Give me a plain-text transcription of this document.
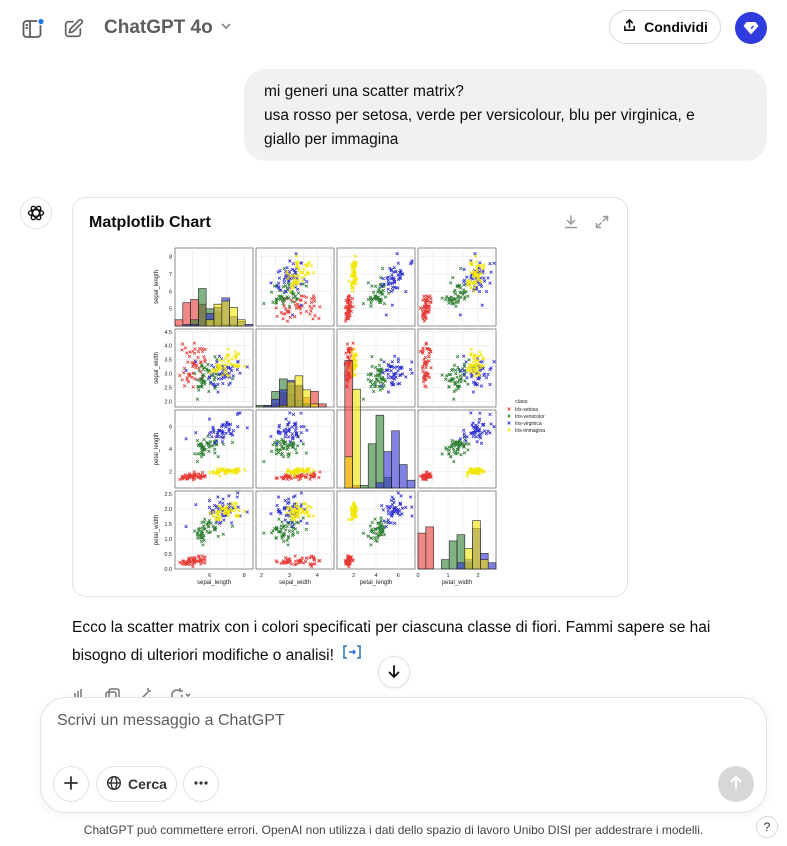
ChatGPT 4o	Condividi
mi generi una scatter matrix?
usa rosso per setosa, verde per versicolour, blu per virginica, e
giallo per immagina
Matplotlib Chart
5
6
7
8
sepal_length
2.0
2.5
3.0
3.5
4.0
4.5
sepal_width
2
4
6
petal_length
0.0
0.5
1.0
1.5
2.0
2.5
petal_width
6	8
sepal_length
2	3	4
sepal_width
2	4	6
petal_length
0	1	2
petal_width
class
Iris-setosa
Iris-versicolor
Iris-virginica
Iris-immagina
Ecco la scatter matrix con i colori specificati per ciascuna classe di fiori. Fammi sapere se hai bisogno di ulteriori modifiche o analisi!
Scrivi un messaggio a ChatGPT
Cerca
ChatGPT può commettere errori. OpenAI non utilizza i dati dello spazio di lavoro Unibo DISI per addestrare i modelli.	?
